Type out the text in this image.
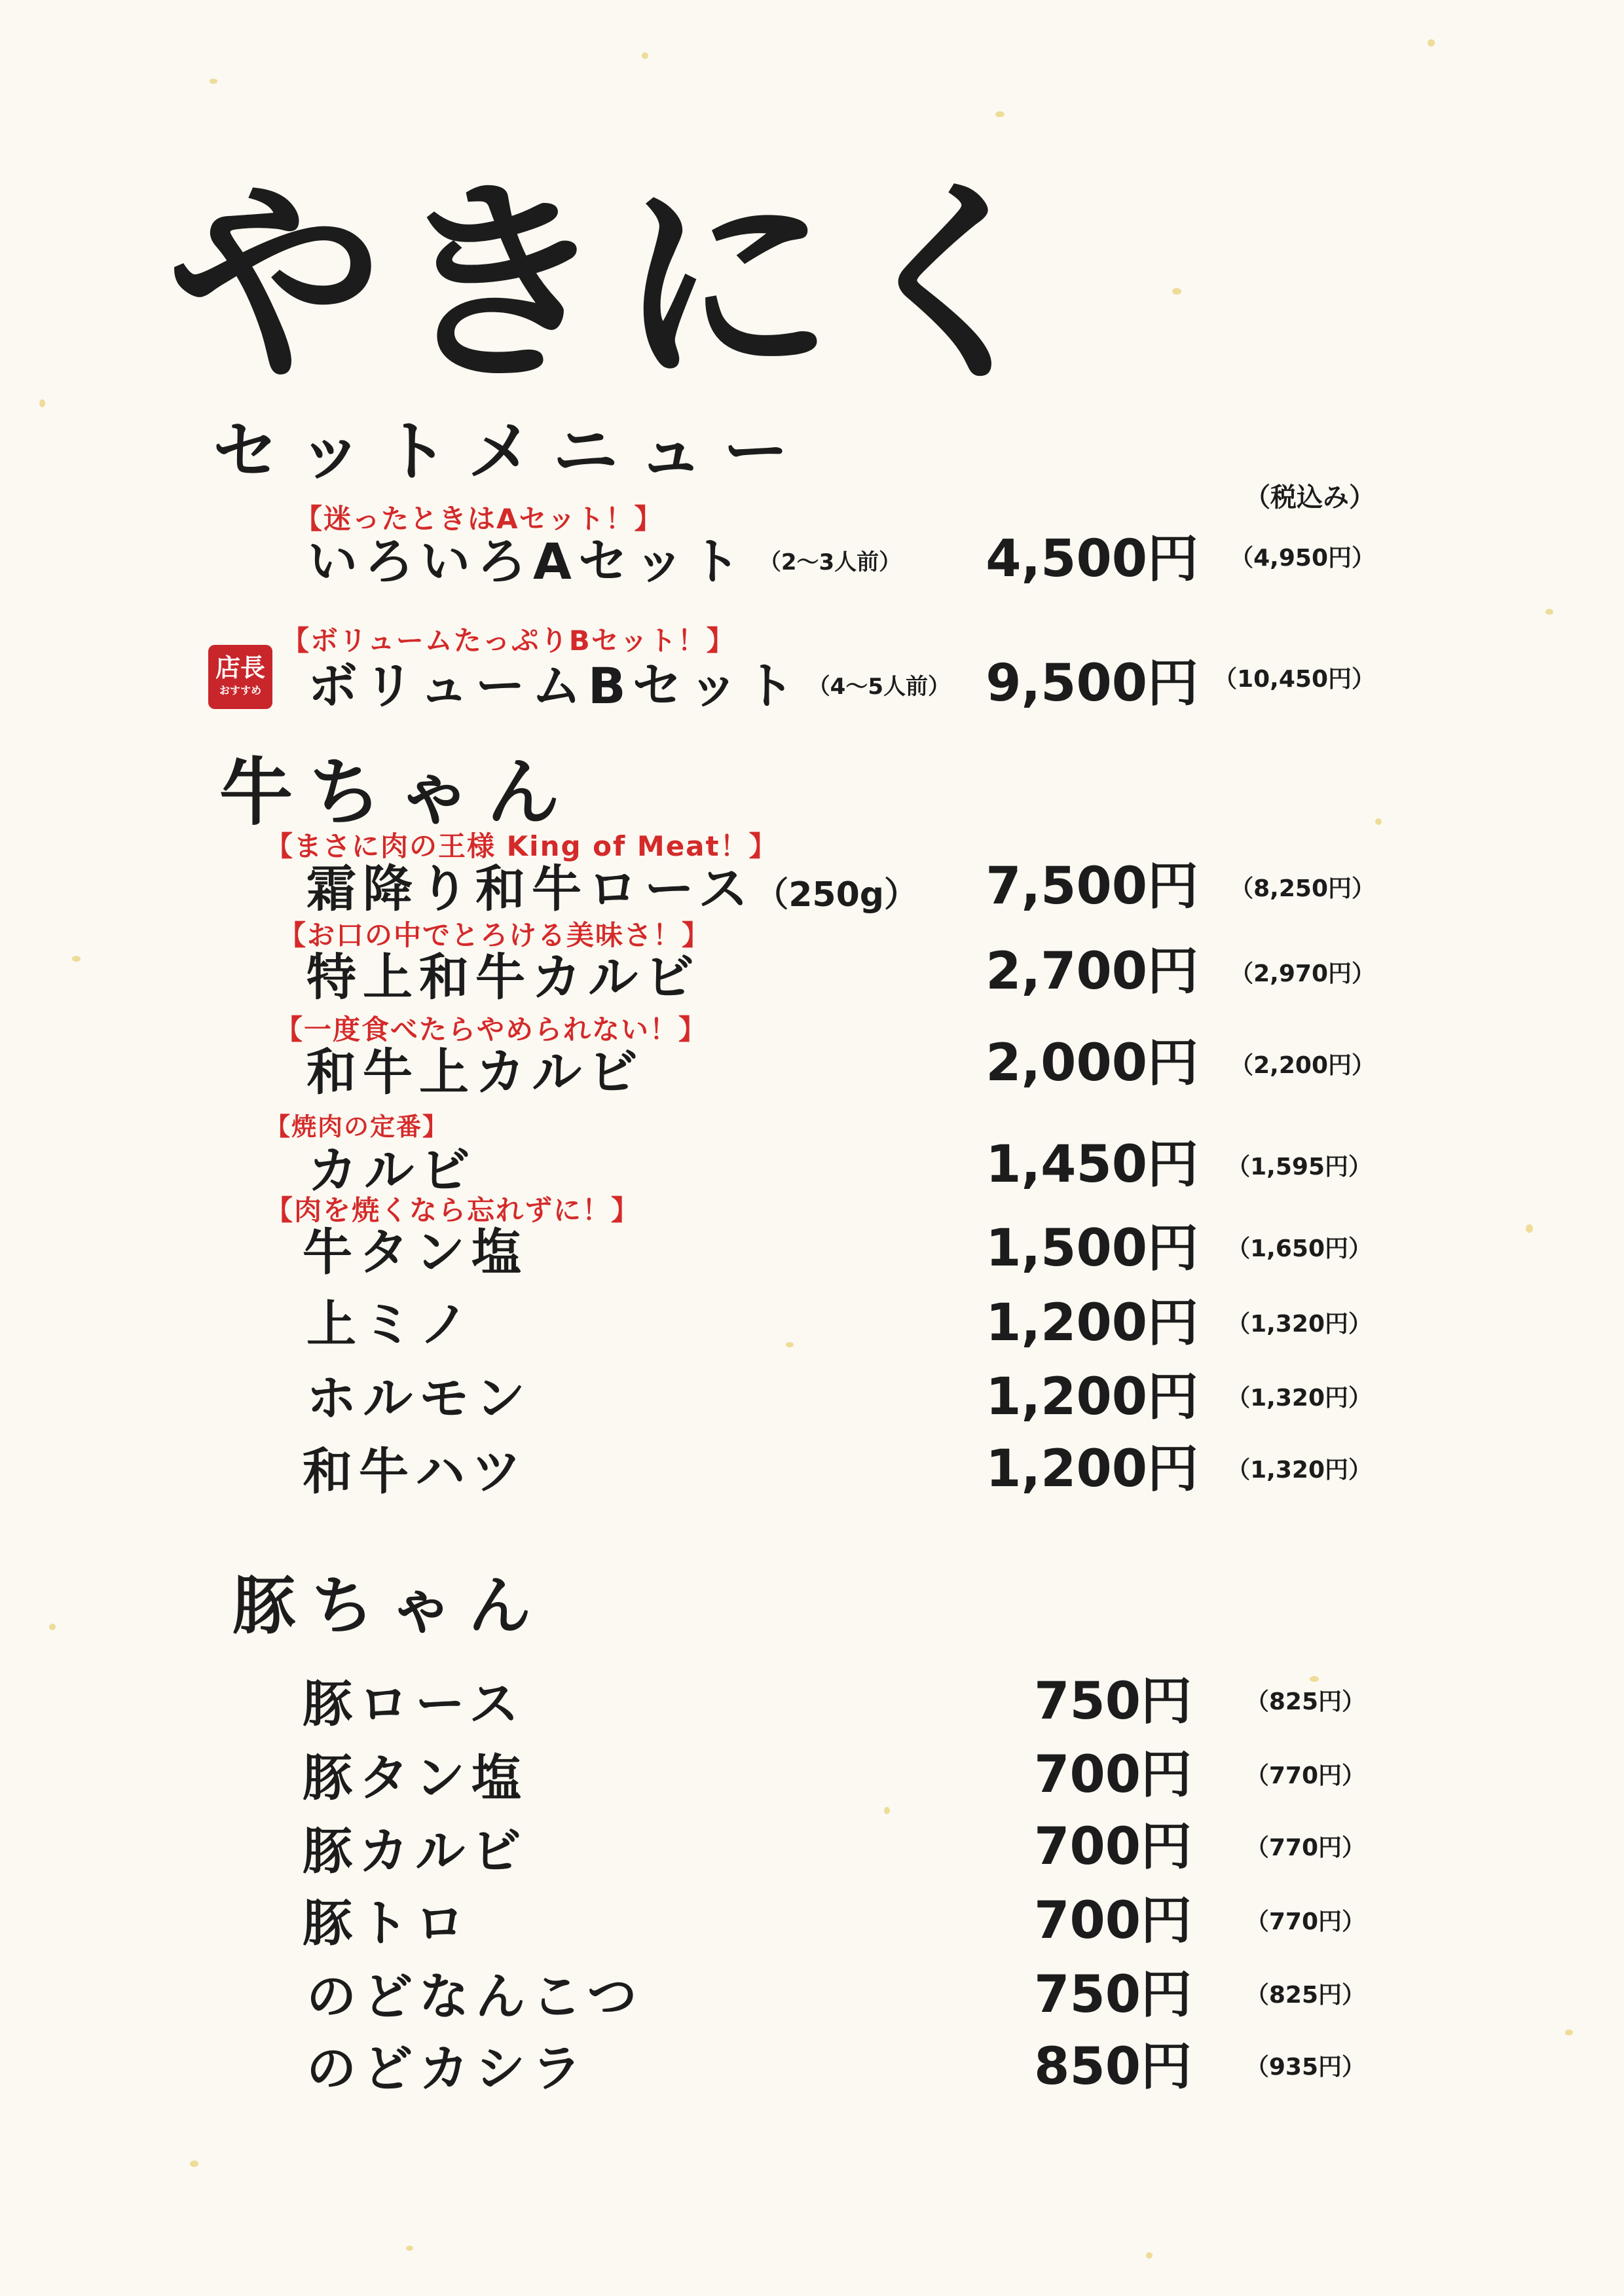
やきにく
セットメニュー
（税込み）
【迷ったときはAセット！】
いろいろAセット （2〜3人前） 4,500円 （4,950円）
店長
おすすめ
【ボリュームたっぷりBセット！】
ボリュームBセット （4〜5人前） 9,500円 （10,450円）
牛ちゃん
【まさに肉の王様 King of Meat！】
霜降り和牛ロース（250g） 7,500円 （8,250円）
【お口の中でとろける美味さ！】
特上和牛カルビ	2,700円 （2,970円）
【一度食べたらやめられない！】
和牛上カルビ	2,000円 （2,200円）
【焼肉の定番】
カルビ	1,450円 （1,595円）
【肉を焼くなら忘れずに！】
牛タン塩	1,500円 （1,650円）
上ミノ	1,200円 （1,320円）
ホルモン	1,200円 （1,320円）
和牛ハツ	1,200円 （1,320円）
豚ちゃん
豚ロース	750円 （825円）
豚タン塩	700円 （770円）
豚カルビ	700円 （770円）
豚トロ	700円 （770円）
のどなんこつ	750円 （825円）
のどカシラ	850円 （935円）
